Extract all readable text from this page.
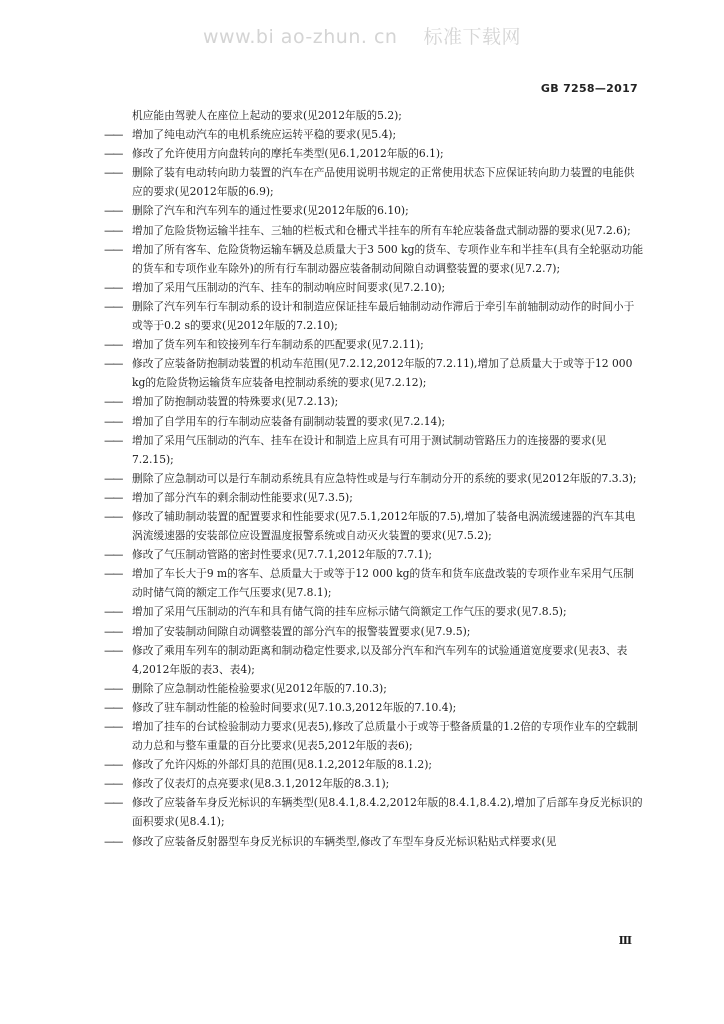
www.bi ao-zhun. cn 标准下载网
GB 7258—2017

机应能由驾驶人在座位上起动的要求(见2012年版的5.2);

—— 增加了纯电动汽车的电机系统应运转平稳的要求(见5.4);

—— 修改了允许使用方向盘转向的摩托车类型(见6.1,2012年版的6.1);

—— 删除了装有电动转向助力装置的汽车在产品使用说明书规定的正常使用状态下应保证转向助力装置的电能供应的要求(见2012年版的6.9);

—— 删除了汽车和汽车列车的通过性要求(见2012年版的6.10);

—— 增加了危险货物运输半挂车、三轴的栏板式和仓栅式半挂车的所有车轮应装备盘式制动器的要求(见7.2.6);

—— 增加了所有客车、危险货物运输车辆及总质量大于3 500 kg的货车、专项作业车和半挂车(具有全轮驱动功能的货车和专项作业车除外)的所有行车制动器应装备制动间隙自动调整装置的要求(见7.2.7);

—— 增加了采用气压制动的汽车、挂车的制动响应时间要求(见7.2.10);

—— 删除了汽车列车行车制动系的设计和制造应保证挂车最后轴制动动作滞后于牵引车前轴制动动作的时间小于或等于0.2 s的要求(见2012年版的7.2.10);

—— 增加了货车列车和铰接列车行车制动系的匹配要求(见7.2.11);

—— 修改了应装备防抱制动装置的机动车范围(见7.2.12,2012年版的7.2.11),增加了总质量大于或等于12 000 kg的危险货物运输货车应装备电控制动系统的要求(见7.2.12);

—— 增加了防抱制动装置的特殊要求(见7.2.13);

—— 增加了自学用车的行车制动应装备有副制动装置的要求(见7.2.14);

—— 增加了采用气压制动的汽车、挂车在设计和制造上应具有可用于测试制动管路压力的连接器的要求(见7.2.15);

—— 删除了应急制动可以是行车制动系统具有应急特性或是与行车制动分开的系统的要求(见2012年版的7.3.3);

—— 增加了部分汽车的剩余制动性能要求(见7.3.5);

—— 修改了辅助制动装置的配置要求和性能要求(见7.5.1,2012年版的7.5),增加了装备电涡流缓速器的汽车其电涡流缓速器的安装部位应设置温度报警系统或自动灭火装置的要求(见7.5.2);

—— 修改了气压制动管路的密封性要求(见7.7.1,2012年版的7.7.1);

—— 增加了车长大于9 m的客车、总质量大于或等于12 000 kg的货车和货车底盘改装的专项作业车采用气压制动时储气筒的额定工作气压要求(见7.8.1);

—— 增加了采用气压制动的汽车和具有储气筒的挂车应标示储气筒额定工作气压的要求(见7.8.5);

—— 增加了安装制动间隙自动调整装置的部分汽车的报警装置要求(见7.9.5);

—— 修改了乘用车列车的制动距离和制动稳定性要求,以及部分汽车和汽车列车的试验通道宽度要求(见表3、表4,2012年版的表3、表4);

—— 删除了应急制动性能检验要求(见2012年版的7.10.3);

—— 修改了驻车制动性能的检验时间要求(见7.10.3,2012年版的7.10.4);

—— 增加了挂车的台试检验制动力要求(见表5),修改了总质量小于或等于整备质量的1.2倍的专项作业车的空载制动力总和与整车重量的百分比要求(见表5,2012年版的表6);

—— 修改了允许闪烁的外部灯具的范围(见8.1.2,2012年版的8.1.2);

—— 修改了仪表灯的点亮要求(见8.3.1,2012年版的8.3.1);

—— 修改了应装备车身反光标识的车辆类型(见8.4.1,8.4.2,2012年版的8.4.1,8.4.2),增加了后部车身反光标识的面积要求(见8.4.1);

—— 修改了应装备反射器型车身反光标识的车辆类型,修改了车型车身反光标识粘贴式样要求(见

Ⅲ
